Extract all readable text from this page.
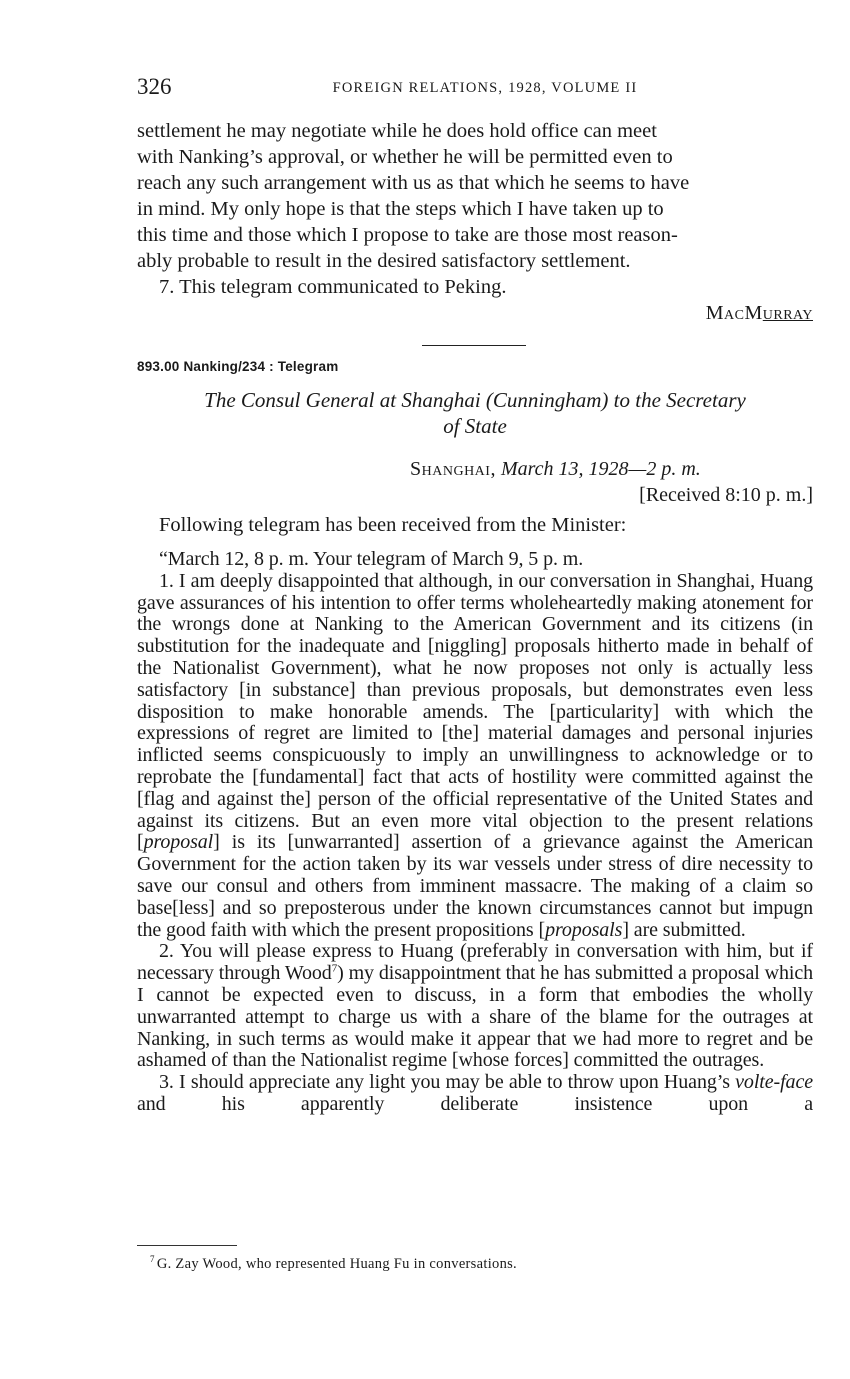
326	FOREIGN RELATIONS, 1928, VOLUME II

settlement he may negotiate while he does hold office can meet

with Nanking’s approval, or whether he will be permitted even to

reach any such arrangement with us as that which he seems to have

in mind. My only hope is that the steps which I have taken up to

this time and those which I propose to take are those most reason-

ably probable to result in the desired satisfactory settlement.

7. This telegram communicated to Peking.

MACMURRAY
893.00 Nanking/234 : Telegram
The Consul General at Shanghai (Cunningham) to the Secretary
of State
Shanghai, March 13, 1928—2 p. m.
[Received 8:10 p. m.]

Following telegram has been received from the Minister:

“March 12, 8 p. m. Your telegram of March 9, 5 p. m.

1. I am deeply disappointed that although, in our conversation in Shanghai, Huang gave assurances of his intention to offer terms wholeheartedly making atonement for the wrongs done at Nanking to the American Government and its citizens (in substitution for the inadequate and [niggling] proposals hitherto made in behalf of the Nationalist Government), what he now proposes not only is actually less satisfactory [in substance] than previous proposals, but demonstrates even less disposition to make honorable amends. The [particularity] with which the expressions of regret are limited to [the] material damages and personal injuries inflicted seems conspicuously to imply an unwillingness to acknowledge or to reprobate the [fundamental] fact that acts of hostility were committed against the [flag and against the] person of the official representative of the United States and against its citizens. But an even more vital objection to the present relations [proposal] is its [unwarranted] assertion of a grievance against the American Government for the action taken by its war vessels under stress of dire necessity to save our consul and others from imminent massacre. The making of a claim so base[less] and so preposterous under the known circumstances cannot but impugn the good faith with which the present propositions [proposals] are submitted.

2. You will please express to Huang (preferably in conversation with him, but if necessary through Wood$^7$) my disappointment that he has submitted a proposal which I cannot be expected even to discuss, in a form that embodies the wholly unwarranted attempt to charge us with a share of the blame for the outrages at Nanking, in such terms as would make it appear that we had more to regret and be ashamed of than the Nationalist regime [whose forces] committed the outrages.

3. I should appreciate any light you may be able to throw upon Huang’s volte-face and his apparently deliberate insistence upon a

$^7$ G. Zay Wood, who represented Huang Fu in conversations.
